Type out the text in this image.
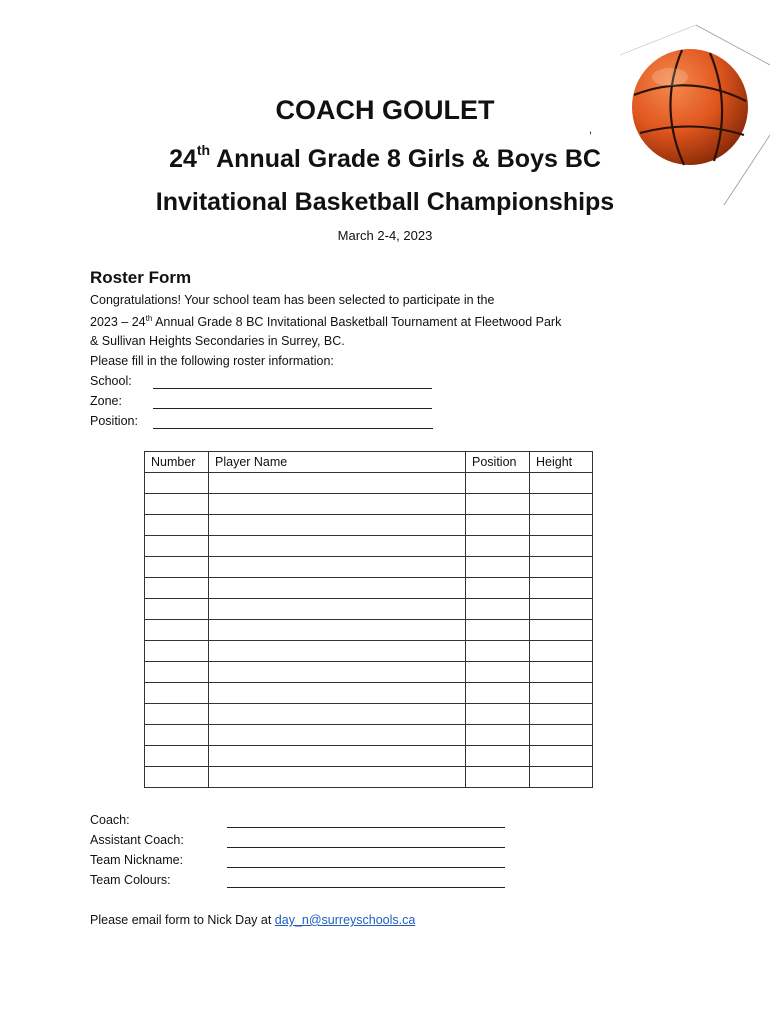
COACH GOULET
24th Annual Grade 8 Girls & Boys BC
Invitational Basketball Championships
March 2-4, 2023
,
Roster Form
Congratulations! Your school team has been selected to participate in the
2023 – 24th Annual Grade 8 BC Invitational Basketball Tournament at Fleetwood Park
& Sullivan Heights Secondaries in Surrey, BC.
Please fill in the following roster information:
School:
Zone:
Position:
Number	Player Name	Position	Height

Coach:
Assistant Coach:
Team Nickname:
Team Colours:
Please email form to Nick Day at day_n@surreyschools.ca
